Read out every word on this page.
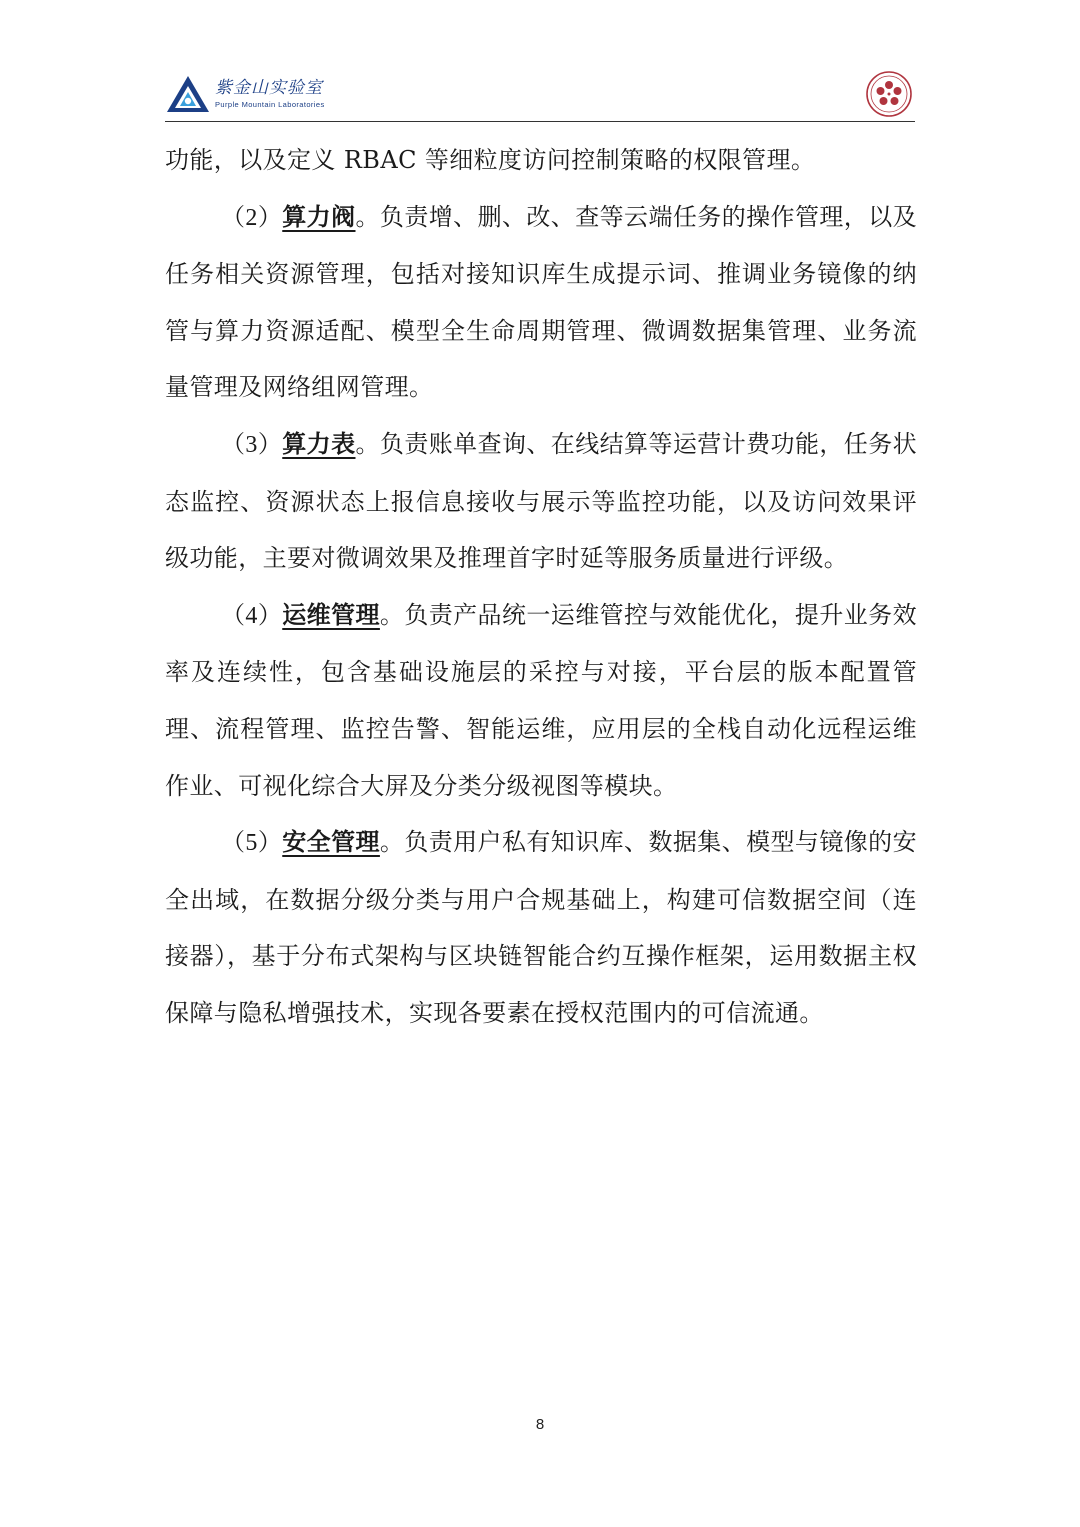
紫金山实验室
Purple Mountain Laboratories

功能，以及定义 RBAC 等细粒度访问控制策略的权限管理。

（2）算力阀。负责增、删、改、查等云端任务的操作管理，以及任务相关资源管理，包括对接知识库生成提示词、推调业务镜像的纳管与算力资源适配、模型全生命周期管理、微调数据集管理、业务流量管理及网络组网管理。

（3）算力表。负责账单查询、在线结算等运营计费功能，任务状态监控、资源状态上报信息接收与展示等监控功能，以及访问效果评级功能，主要对微调效果及推理首字时延等服务质量进行评级。

（4）运维管理。负责产品统一运维管控与效能优化，提升业务效率及连续性，包含基础设施层的采控与对接，平台层的版本配置管理、流程管理、监控告警、智能运维，应用层的全栈自动化远程运维作业、可视化综合大屏及分类分级视图等模块。

（5）安全管理。负责用户私有知识库、数据集、模型与镜像的安全出域，在数据分级分类与用户合规基础上，构建可信数据空间（连接器），基于分布式架构与区块链智能合约互操作框架，运用数据主权保障与隐私增强技术，实现各要素在授权范围内的可信流通。

8
